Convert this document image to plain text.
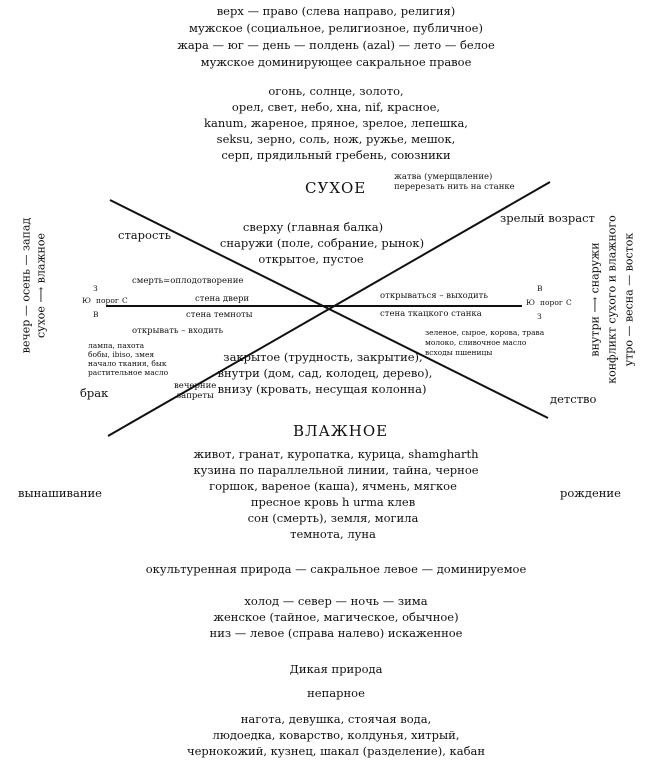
верх — право (слева направо, религия)
мужское (социальное, религиозное, публичное)
жара — юг — день — полдень (azal) — лето — белое
мужское доминирующее сакральное правое
огонь, солнце, золото,
орел, свет, небо, хна, nif, красное,
kanum, жареное, пряное, зрелое, лепешка,
seksu, зерно, соль, нож, ружье, мешок,
серп, прядильный гребень, союзники
СУХОЕ
жатва (умерщвление)
перерезать нить на станке
зрелый возраст
старость
сверху (главная балка)
снаружи (поле, собрание, рынок)
открытое, пустое
смерть=оплодотворение
З
Ю порог С
В
В
Ю порог С
З
стена двери
стена темноты
открываться – выходить
стена ткацкого станка
открывать – входить
лампа, пахота
бобы, ibiso, змея
начало ткания, бык
растительное масло
зеленое, сырое, корова, трава
молоко, сливочное масло
всходы пшеницы
закрытое (трудность, закрытие),
внутри (дом, сад, колодец, дерево),
внизу (кровать, несущая колонна)
брак	вечерние
запреты	детство
ВЛАЖНОЕ
живот, гранат, куропатка, курица, shamgharth
кузина по параллельной линии, тайна, черное
горшок, вареное (каша), ячмень, мягкое
пресное кровь h urma клев
сон (смерть), земля, могила
темнота, луна
вынашивание	рождение
вечер — осень — запад сухое ⟶ влажное	внутри ⟶ снаружи конфликт сухого и влажного утро — весна — восток
окультуренная природа — сакральное левое — доминируемое
холод — север — ночь — зима
женское (тайное, магическое, обычное)
низ — левое (справа налево) искаженное
Дикая природа
непарное
нагота, девушка, стоячая вода,
людоедка, коварство, колдунья, хитрый,
чернокожий, кузнец, шакал (разделение), кабан
